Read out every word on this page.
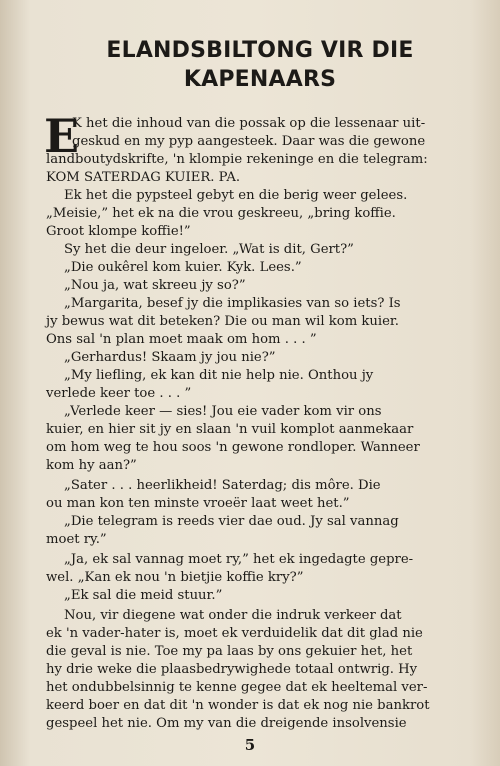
ELANDSBILTONG VIR DIE
KAPENAARS
E
K het die inhoud van die possak op die lessenaar uit-
geskud en my pyp aangesteek. Daar was die gewone
landboutydskrifte, 'n klompie rekeninge en die telegram:
KOM SATERDAG KUIER. PA.
Ek het die pypsteel gebyt en die berig weer gelees.
„Meisie,” het ek na die vrou geskreeu, „bring koffie.
Groot klompe koffie!”
Sy het die deur ingeloer. „Wat is dit, Gert?”
„Die oukêrel kom kuier. Kyk. Lees.”
„Nou ja, wat skreeu jy so?”
„Margarita, besef jy die implikasies van so iets? Is
jy bewus wat dit beteken? Die ou man wil kom kuier.
Ons sal 'n plan moet maak om hom . . . ”
„Gerhardus! Skaam jy jou nie?”
„My liefling, ek kan dit nie help nie. Onthou jy
verlede keer toe . . . ”
„Verlede keer — sies! Jou eie vader kom vir ons
kuier, en hier sit jy en slaan 'n vuil komplot aanmekaar
om hom weg te hou soos 'n gewone rondloper. Wanneer
kom hy aan?”
„Sater . . . heerlikheid! Saterdag; dis môre. Die
ou man kon ten minste vroeër laat weet het.”
„Die telegram is reeds vier dae oud. Jy sal vannag
moet ry.”
„Ja, ek sal vannag moet ry,” het ek ingedagte gepre-
wel. „Kan ek nou 'n bietjie koffie kry?”
„Ek sal die meid stuur.”
Nou, vir diegene wat onder die indruk verkeer dat
ek 'n vader-hater is, moet ek verduidelik dat dit glad nie
die geval is nie. Toe my pa laas by ons gekuier het, het
hy drie weke die plaasbedrywighede totaal ontwrig. Hy
het ondubbelsinnig te kenne gegee dat ek heeltemal ver-
keerd boer en dat dit 'n wonder is dat ek nog nie bankrot
gespeel het nie. Om my van die dreigende insolvensie
5
